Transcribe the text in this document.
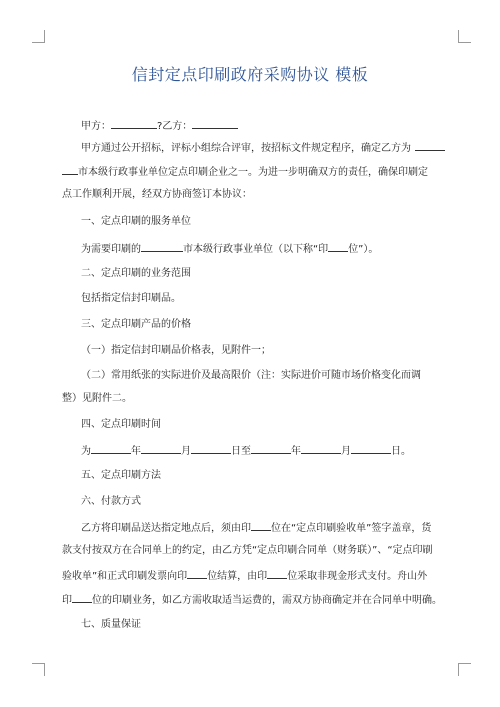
信封定点印刷政府采购协议 模板
甲方：	?乙方：
甲方通过公开招标，评标小组综合评审，按招标文件规定程序，确定乙方为
市本级行政事业单位定点印刷企业之一。为进一步明确双方的责任，确保印刷定
点工作顺利开展，经双方协商签订本协议：
一、定点印刷的服务单位
为需要印刷的	市本级行政事业单位（以下称“印 位”）。
二、定点印刷的业务范围
包括指定信封印刷品。
三、定点印刷产品的价格
（一）指定信封印刷品价格表，见附件一；
（二）常用纸张的实际进价及最高限价（注：实际进价可随市场价格变化而调
整）见附件二。
四、定点印刷时间
为	年	月	日至	年	月	日。
五、定点印刷方法
六、付款方式
乙方将印刷品送达指定地点后，须由印 位在“定点印刷验收单”签字盖章，货
款支付按双方在合同单上的约定，由乙方凭“定点印刷合同单（财务联）”、“定点印刷
验收单”和正式印刷发票向印 位结算，由印 位采取非现金形式支付。舟山外
印 位的印刷业务，如乙方需收取适当运费的，需双方协商确定并在合同单中明确。
七、质量保证
